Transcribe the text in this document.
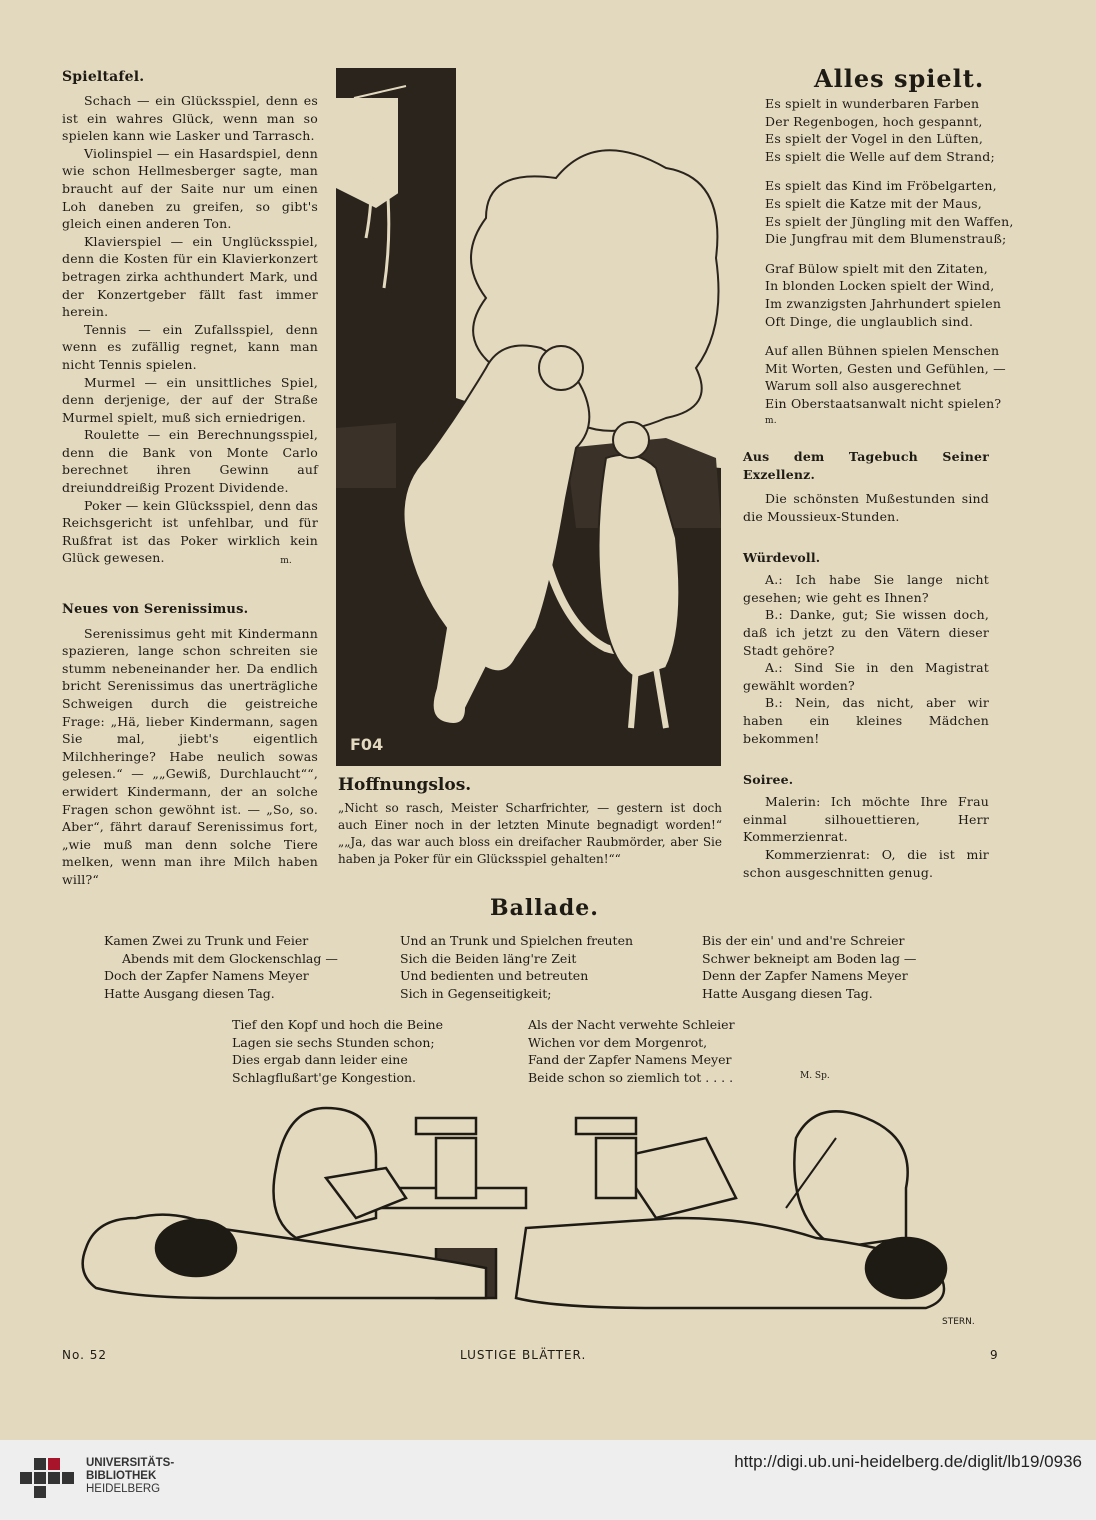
Spieltafel.

Schach — ein Glücksspiel, denn es ist ein wahres Glück, wenn man so spielen kann wie Lasker und Tarrasch.

Violinspiel — ein Hasardspiel, denn wie schon Hellmesberger sagte, man braucht auf der Saite nur um einen Loh daneben zu greifen, so gibt's gleich einen anderen Ton.

Klavierspiel — ein Unglücksspiel, denn die Kosten für ein Klavierkonzert betragen zirka achthundert Mark, und der Konzertgeber fällt fast immer herein.

Tennis — ein Zufallsspiel, denn wenn es zufällig regnet, kann man nicht Tennis spielen.

Murmel — ein unsittliches Spiel, denn derjenige, der auf der Straße Murmel spielt, muß sich erniedrigen.

Roulette — ein Berechnungsspiel, denn die Bank von Monte Carlo berechnet ihren Gewinn auf dreiunddreißig Prozent Dividende.

Poker — kein Glücksspiel, denn das Reichsgericht ist unfehlbar, und für Rußfrat ist das Poker wirklich kein Glück gewesen.	m.

Neues von Serenissimus.

Serenissimus geht mit Kindermann spazieren, lange schon schreiten sie stumm nebeneinander her. Da endlich bricht Serenissimus das unerträgliche Schweigen durch die geistreiche Frage: „Hä, lieber Kindermann, sagen Sie mal, jiebt's eigentlich Milchheringe? Habe neulich sowas gelesen.“ — „„Gewiß, Durchlaucht““, erwidert Kindermann, der an solche Fragen schon gewöhnt ist. — „So, so. Aber“, fährt darauf Serenissimus fort, „wie muß man denn solche Tiere melken, wenn man ihre Milch haben will?“

F04
Hoffnungslos.
„Nicht so rasch, Meister Scharfrichter, — gestern ist doch auch Einer noch in der letzten Minute begnadigt worden!“ „„Ja, das war auch bloss ein dreifacher Raubmörder, aber Sie haben ja Poker für ein Glücksspiel gehalten!““
Alles spielt.

Es spielt in wunderbaren Farben

Der Regenbogen, hoch gespannt,

Es spielt der Vogel in den Lüften,

Es spielt die Welle auf dem Strand;

Es spielt das Kind im Fröbelgarten,

Es spielt die Katze mit der Maus,

Es spielt der Jüngling mit den Waffen,

Die Jungfrau mit dem Blumenstrauß;

Graf Bülow spielt mit den Zitaten,

In blonden Locken spielt der Wind,

Im zwanzigsten Jahrhundert spielen

Oft Dinge, die unglaublich sind.

Auf allen Bühnen spielen Menschen

Mit Worten, Gesten und Gefühlen, —

Warum soll also ausgerechnet

Ein Oberstaatsanwalt nicht spielen?

m.

Aus dem Tagebuch Seiner Exzellenz.

Die schönsten Mußestunden sind die Moussieux-Stunden.

Würdevoll.

A.: Ich habe Sie lange nicht gesehen; wie geht es Ihnen?

B.: Danke, gut; Sie wissen doch, daß ich jetzt zu den Vätern dieser Stadt gehöre?

A.: Sind Sie in den Magistrat gewählt worden?

B.: Nein, das nicht, aber wir haben ein kleines Mädchen bekommen!

Soiree.

Malerin: Ich möchte Ihre Frau einmal silhouettieren, Herr Kommerzienrat.

Kommerzienrat: O, die ist mir schon ausgeschnitten genug.

Ballade.

Kamen Zwei zu Trunk und Feier

Abends mit dem Glockenschlag —

Doch der Zapfer Namens Meyer

Hatte Ausgang diesen Tag.

Und an Trunk und Spielchen freuten

Sich die Beiden läng're Zeit

Und bedienten und betreuten

Sich in Gegenseitigkeit;

Bis der ein' und and're Schreier

Schwer bekneipt am Boden lag —

Denn der Zapfer Namens Meyer

Hatte Ausgang diesen Tag.

Tief den Kopf und hoch die Beine

Lagen sie sechs Stunden schon;

Dies ergab dann leider eine

Schlagflußart'ge Kongestion.

Als der Nacht verwehte Schleier

Wichen vor dem Morgenrot,

Fand der Zapfer Namens Meyer

Beide schon so ziemlich tot . . . .	M. Sp.
STERN.
No. 52	LUSTIGE BLÄTTER.	9
UNIVERSITÄTS-
BIBLIOTHEK
HEIDELBERG
http://digi.ub.uni-heidelberg.de/diglit/lb19/0936
